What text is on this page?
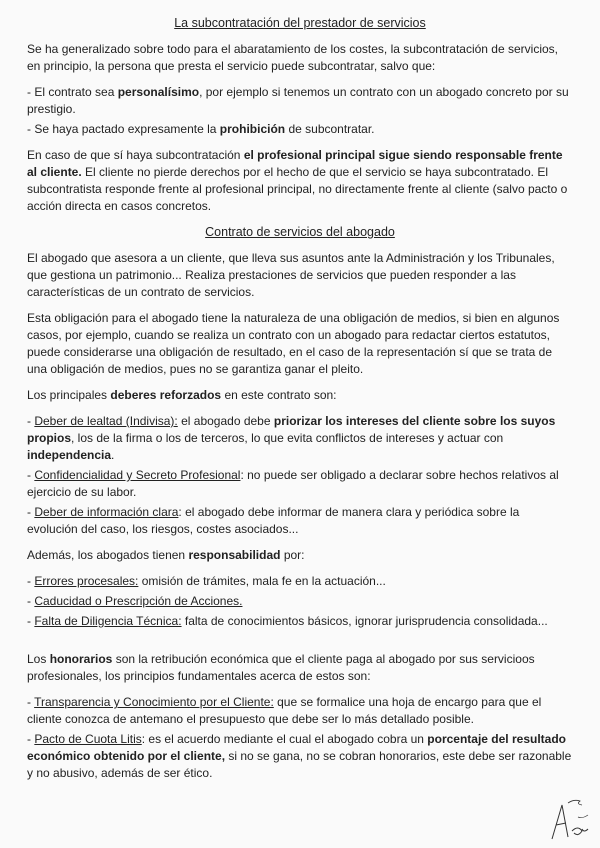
La subcontratación del prestador de servicios

Se ha generalizado sobre todo para el abaratamiento de los costes, la subcontratación de servicios, en principio, la persona que presta el servicio puede subcontratar, salvo que:

- El contrato sea personalísimo, por ejemplo si tenemos un contrato con un abogado concreto por su prestigio.

- Se haya pactado expresamente la prohibición de subcontratar.

En caso de que sí haya subcontratación el profesional principal sigue siendo responsable frente al cliente. El cliente no pierde derechos por el hecho de que el servicio se haya subcontratado. El subcontratista responde frente al profesional principal, no directamente frente al cliente (salvo pacto o acción directa en casos concretos.

Contrato de servicios del abogado

El abogado que asesora a un cliente, que lleva sus asuntos ante la Administración y los Tribunales, que gestiona un patrimonio... Realiza prestaciones de servicios que pueden responder a las características de un contrato de servicios.

Esta obligación para el abogado tiene la naturaleza de una obligación de medios, si bien en algunos casos, por ejemplo, cuando se realiza un contrato con un abogado para redactar ciertos estatutos, puede considerarse una obligación de resultado, en el caso de la representación sí que se trata de una obligación de medios, pues no se garantiza ganar el pleito.

Los principales deberes reforzados en este contrato son:

- Deber de lealtad (Indivisa): el abogado debe priorizar los intereses del cliente sobre los suyos propios, los de la firma o los de terceros, lo que evita conflictos de intereses y actuar con independencia.

- Confidencialidad y Secreto Profesional: no puede ser obligado a declarar sobre hechos relativos al ejercicio de su labor.

- Deber de información clara: el abogado debe informar de manera clara y periódica sobre la evolución del caso, los riesgos, costes asociados...

Además, los abogados tienen responsabilidad por:

- Errores procesales: omisión de trámites, mala fe en la actuación...

- Caducidad o Prescripción de Acciones.

- Falta de Diligencia Técnica: falta de conocimientos básicos, ignorar jurisprudencia consolidada...

Los honorarios son la retribución económica que el cliente paga al abogado por sus servicioos profesionales, los principios fundamentales acerca de estos son:

- Transparencia y Conocimiento por el Cliente: que se formalice una hoja de encargo para que el cliente conozca de antemano el presupuesto que debe ser lo más detallado posible.

- Pacto de Cuota Litis: es el acuerdo mediante el cual el abogado cobra un porcentaje del resultado económico obtenido por el cliente, si no se gana, no se cobran honorarios, este debe ser razonable y no abusivo, además de ser ético.
